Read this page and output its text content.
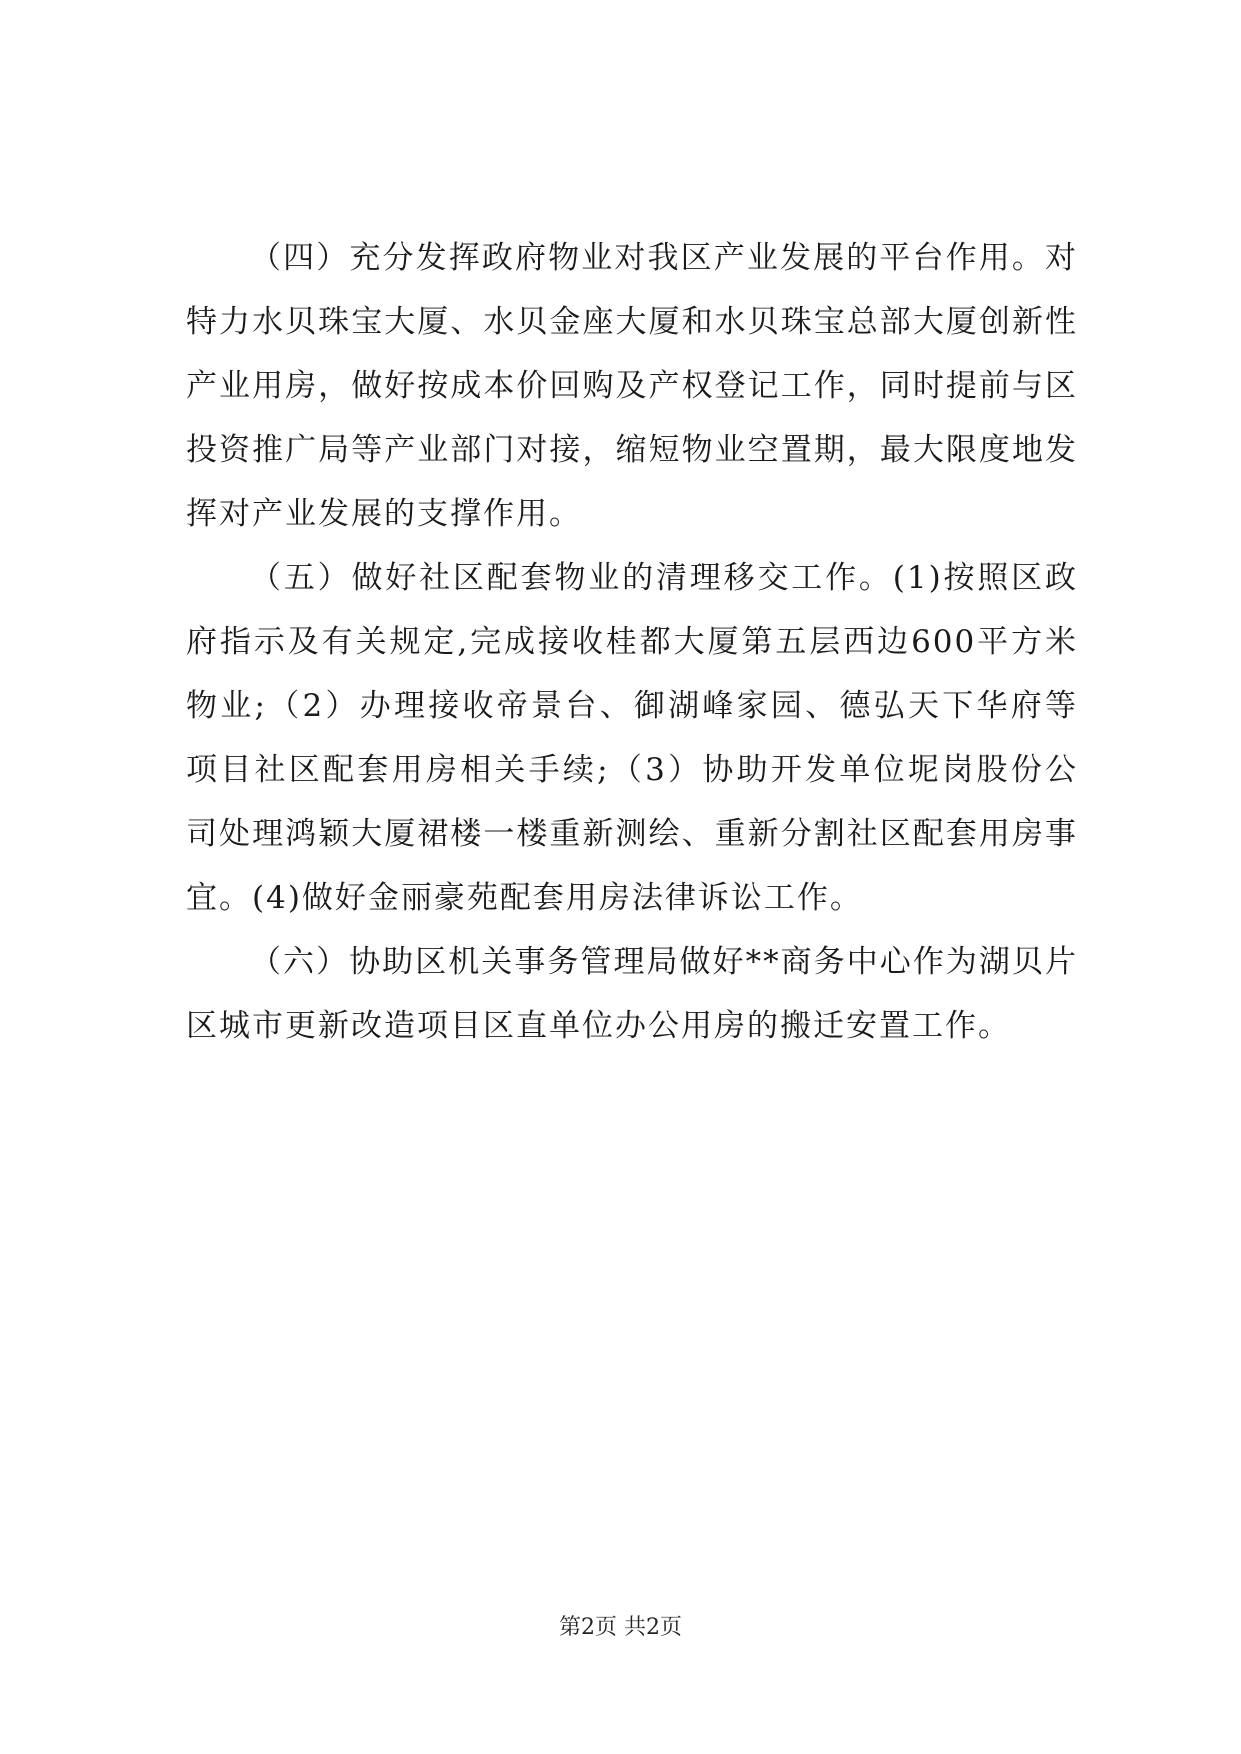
（四）充分发挥政府物业对我区产业发展的平台作用。对特力水贝珠宝大厦、水贝金座大厦和水贝珠宝总部大厦创新性产业用房，做好按成本价回购及产权登记工作，同时提前与区投资推广局等产业部门对接，缩短物业空置期，最大限度地发挥对产业发展的支撑作用。

（五）做好社区配套物业的清理移交工作。(1)按照区政府指示及有关规定,完成接收桂都大厦第五层西边600平方米物业;（2）办理接收帝景台、御湖峰家园、德弘天下华府等项目社区配套用房相关手续;（3）协助开发单位坭岗股份公司处理鸿颖大厦裙楼一楼重新测绘、重新分割社区配套用房事宜。(4)做好金丽豪苑配套用房法律诉讼工作。

（六）协助区机关事务管理局做好**商务中心作为湖贝片区城市更新改造项目区直单位办公用房的搬迁安置工作。

第2页 共2页
